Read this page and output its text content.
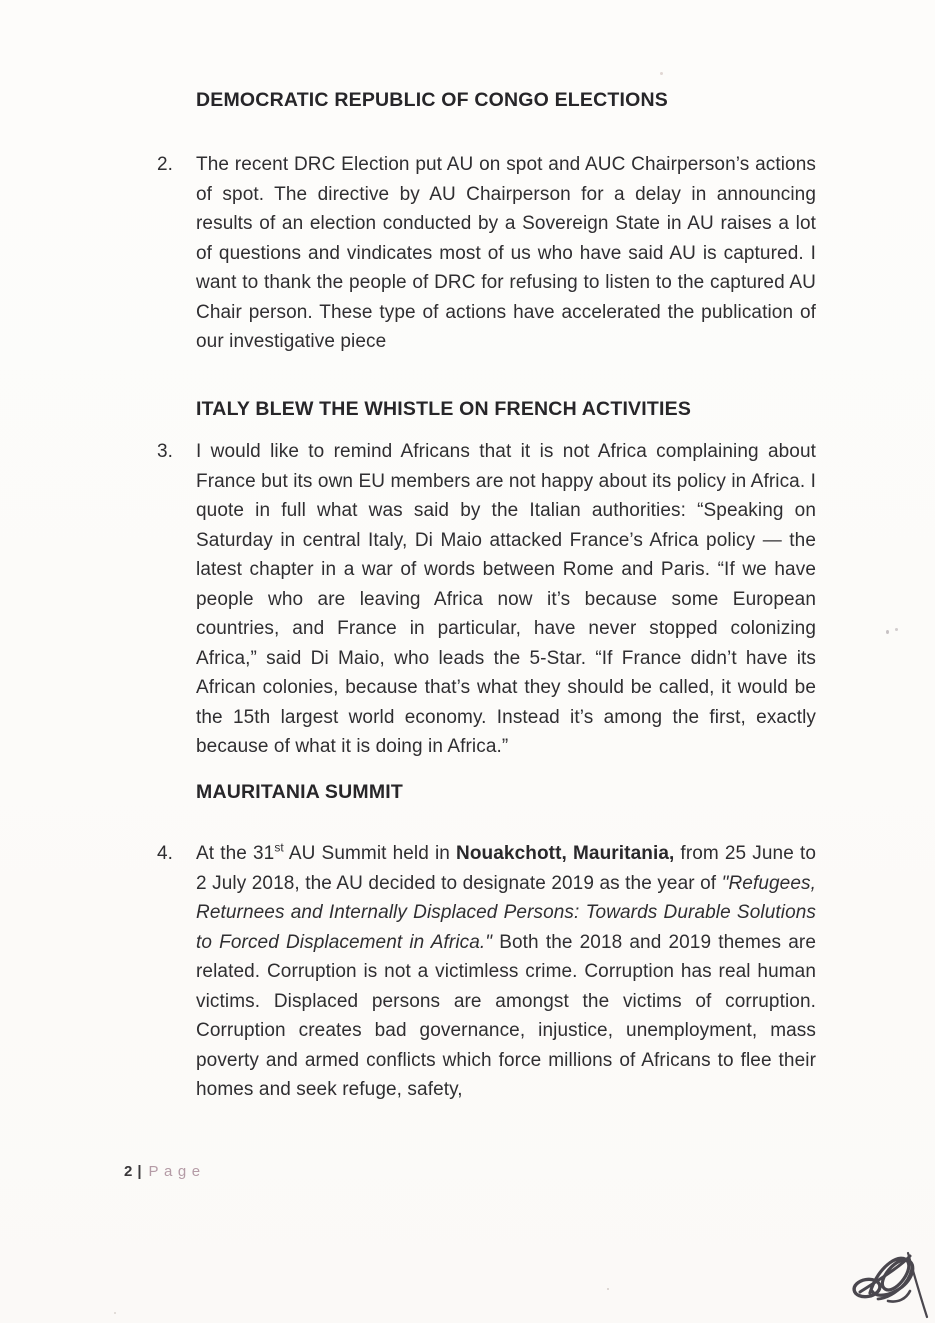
DEMOCRATIC REPUBLIC OF CONGO ELECTIONS
2.	The recent DRC Election put AU on spot and AUC Chairperson’s actions of spot. The directive by AU Chairperson for a delay in announcing results of an election conducted by a Sovereign State in AU raises a lot of questions and vindicates most of us who have said AU is captured. I want to thank the people of DRC for refusing to listen to the captured AU Chair person. These type of actions have accelerated the publication of our investigative piece
ITALY BLEW THE WHISTLE ON FRENCH ACTIVITIES
3.	I would like to remind Africans that it is not Africa complaining about France but its own EU members are not happy about its policy in Africa. I quote in full what was said by the Italian authorities: “Speaking on Saturday in central Italy, Di Maio attacked France’s Africa policy — the latest chapter in a war of words between Rome and Paris. “If we have people who are leaving Africa now it’s because some European countries, and France in particular, have never stopped colonizing Africa,” said Di Maio, who leads the 5-Star. “If France didn’t have its African colonies, because that’s what they should be called, it would be the 15th largest world economy. Instead it’s among the first, exactly because of what it is doing in Africa.”
MAURITANIA SUMMIT
4.	At the 31st AU Summit held in Nouakchott, Mauritania, from 25 June to 2 July 2018, the AU decided to designate 2019 as the year of "Refugees, Returnees and Internally Displaced Persons: Towards Durable Solutions to Forced Displacement in Africa." Both the 2018 and 2019 themes are related. Corruption is not a victimless crime. Corruption has real human victims. Displaced persons are amongst the victims of corruption. Corruption creates bad governance, injustice, unemployment, mass poverty and armed conflicts which force millions of Africans to flee their homes and seek refuge, safety,
2 | Page
